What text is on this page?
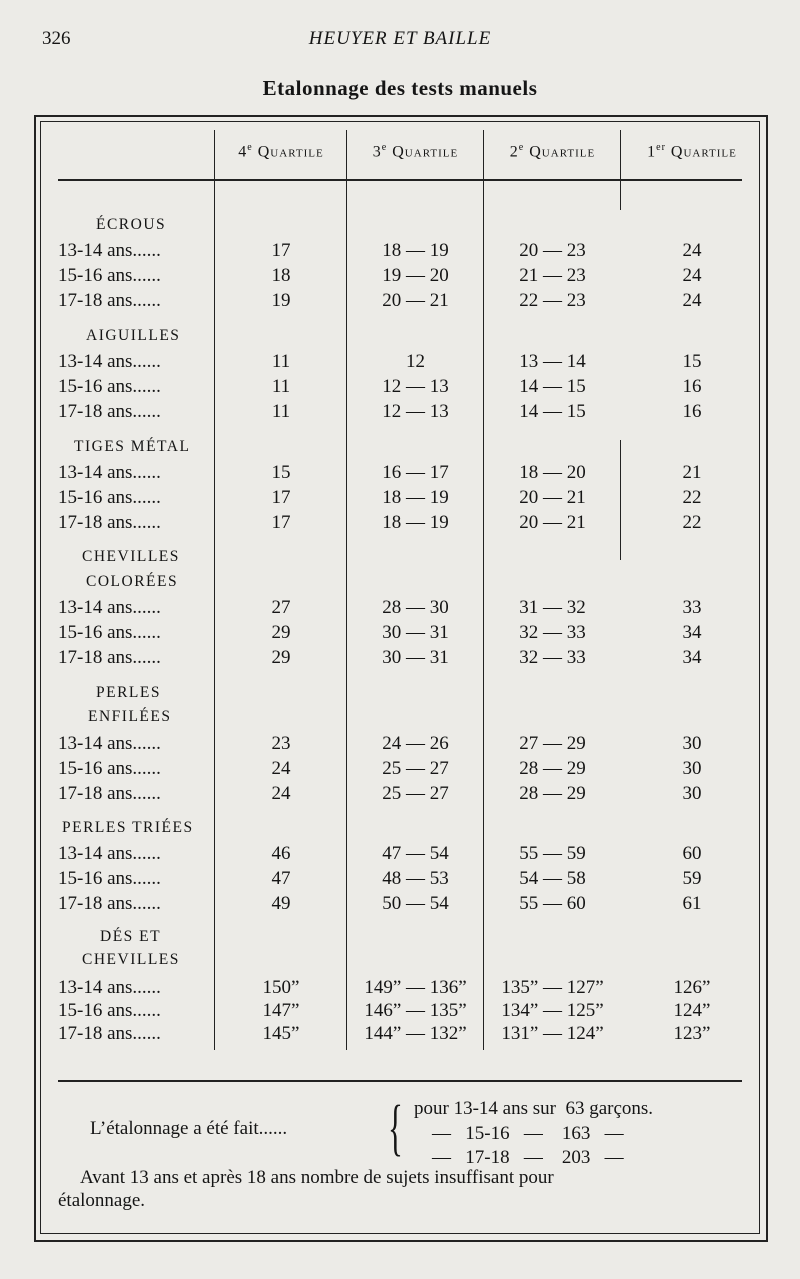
326	HEUYER ET BAILLE
Etalonnage des tests manuels
4e Quartile	3e Quartile	2e Quartile	1er Quartile
ÉCROUS
13-14 ans......	17	18 — 19	20 — 23	24
15-16 ans......	18	19 — 20	21 — 23	24
17-18 ans......	19	20 — 21	22 — 23	24
AIGUILLES
13-14 ans......	11	12	13 — 14	15
15-16 ans......	11	12 — 13	14 — 15	16
17-18 ans......	11	12 — 13	14 — 15	16
TIGES MÉTAL
13-14 ans......	15	16 — 17	18 — 20	21
15-16 ans......	17	18 — 19	20 — 21	22
17-18 ans......	17	18 — 19	20 — 21	22
CHEVILLES
COLORÉES
13-14 ans......	27	28 — 30	31 — 32	33
15-16 ans......	29	30 — 31	32 — 33	34
17-18 ans......	29	30 — 31	32 — 33	34
PERLES
ENFILÉES
13-14 ans......	23	24 — 26	27 — 29	30
15-16 ans......	24	25 — 27	28 — 29	30
17-18 ans......	24	25 — 27	28 — 29	30
PERLES TRIÉES
13-14 ans......	46	47 — 54	55 — 59	60
15-16 ans......	47	48 — 53	54 — 58	59
17-18 ans......	49	50 — 54	55 — 60	61
DÉS ET
CHEVILLES
13-14 ans......	150”	149” — 136”	135” — 127”	126”
15-16 ans......	147”	146” — 135”	134” — 125”	124”
17-18 ans......	145”	144” — 132”	131” — 124”	123”
L’étalonnage a été fait...... { pour 13-14 ans sur  63 garçons.
—   15-16   —    163   —
—   17-18   —    203   —
Avant 13 ans et après 18 ans nombre de sujets insuffisant pour
étalonnage.
